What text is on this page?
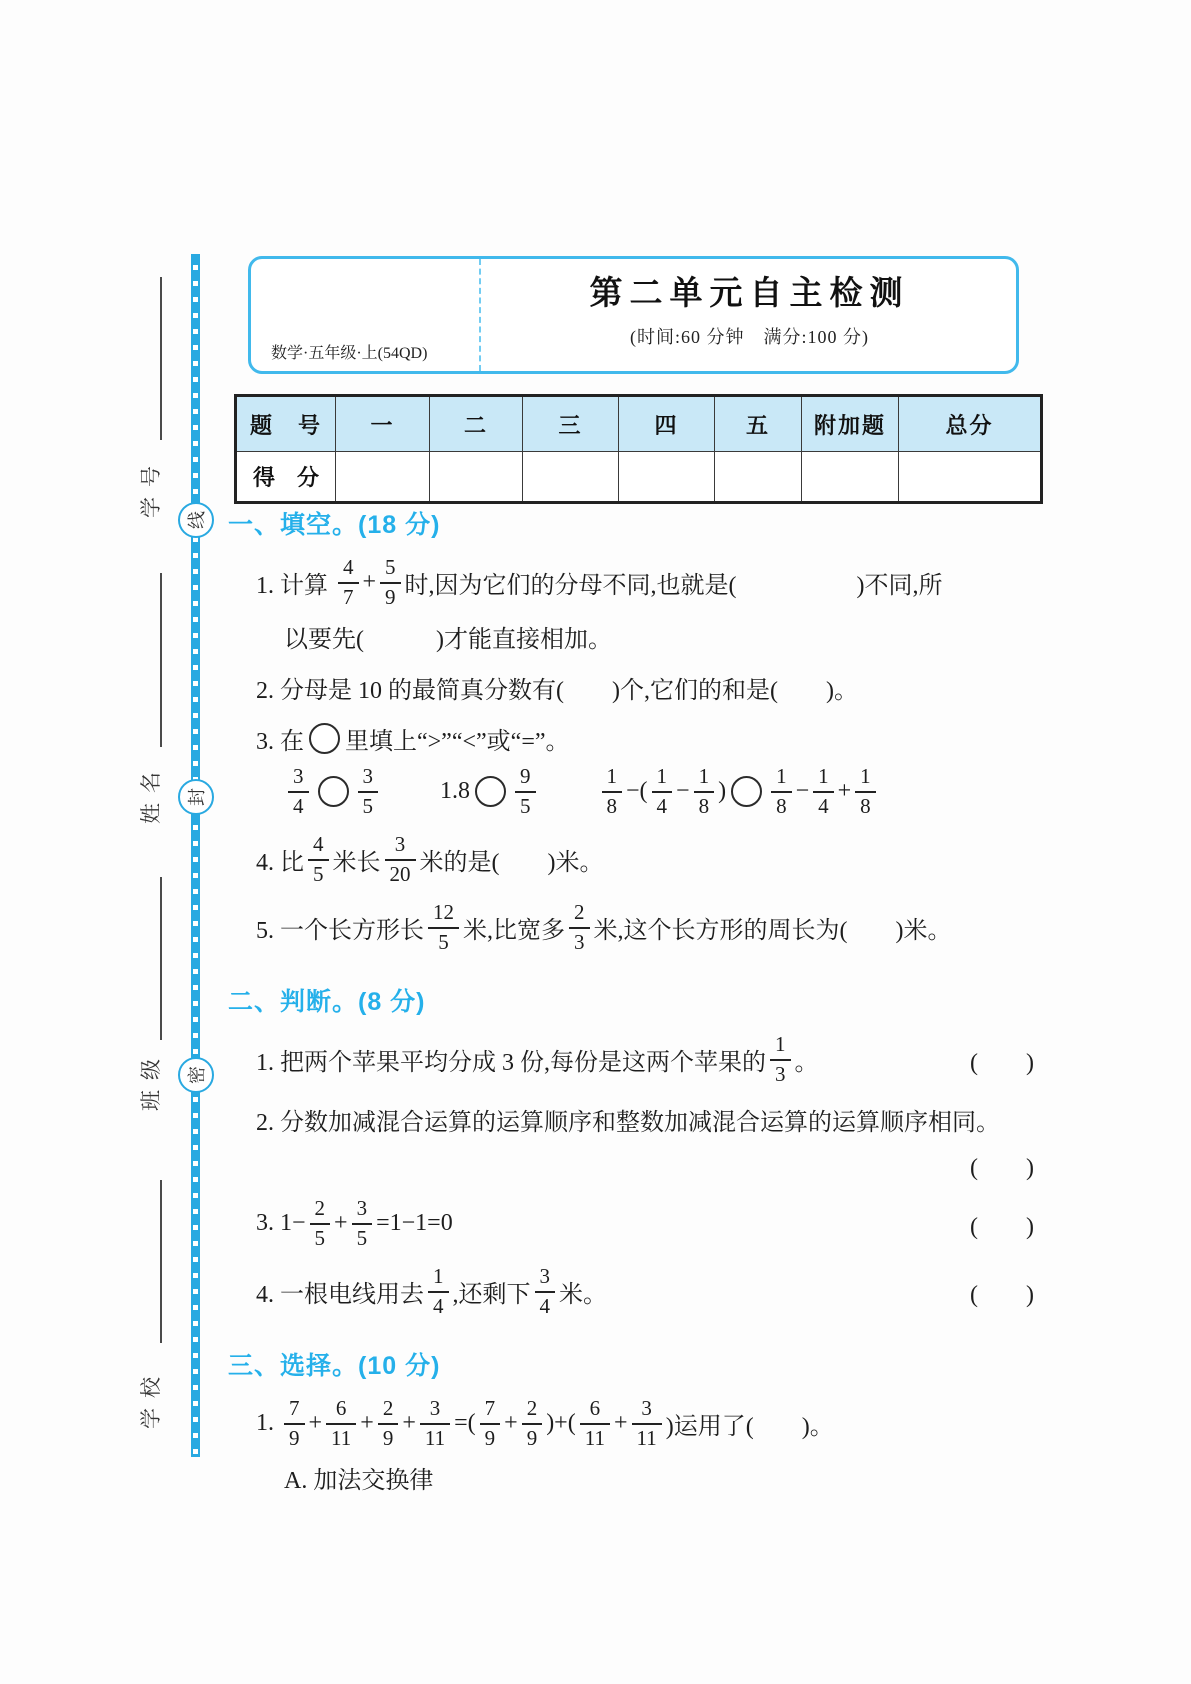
学号
姓名
班级
学校
线
封
密
数学·五年级·上(54QD)
第二单元自主检测
(时间:60 分钟　满分:100 分)
题　号	一	二	三	四	五	附加题	总分
得　分							
一、填空。(18 分)
1. 计算 $\frac{4}{7} + \frac{5}{9}$ 时,因为它们的分母不同,也就是(　　　　　)不同,所
以要先(　　　)才能直接相加。
2. 分母是 10 的最简真分数有(　　)个,它们的和是(　　)。
3. 在 里填上“>”“<”或“=”。
$\frac{3}{4} \frac{3}{5}$	$1.8 \frac{9}{5}$	$\frac{1}{8}$ −( $\frac{1}{4} - \frac{1}{8}$ ) $\frac{1}{8} - \frac{1}{4} + \frac{1}{8}$
4. 比 $\frac{4}{5}$ 米长 $\frac{3}{20}$ 米的是(　　)米。
5. 一个长方形长 $\frac{12}{5}$ 米,比宽多 $\frac{2}{3}$ 米,这个长方形的周长为(　　)米。
二、判断。(8 分)
1. 把两个苹果平均分成 3 份,每份是这两个苹果的 $\frac{1}{3}$ 。	(　　)
2. 分数加减混合运算的运算顺序和整数加减混合运算的运算顺序相同。
(　　)
3. $1- \frac{2}{5} + \frac{3}{5} =1-1=0$	(　　)
4. 一根电线用去 $\frac{1}{4}$ ,还剩下 $\frac{3}{4}$ 米。	(　　)
三、选择。(10 分)
1. $\frac{7}{9} + \frac{6}{11} + \frac{2}{9} + \frac{3}{11}$ =( $\frac{7}{9} + \frac{2}{9}$ )+( $\frac{6}{11} + \frac{3}{11}$ )运用了(　　)。
A. 加法交换律
